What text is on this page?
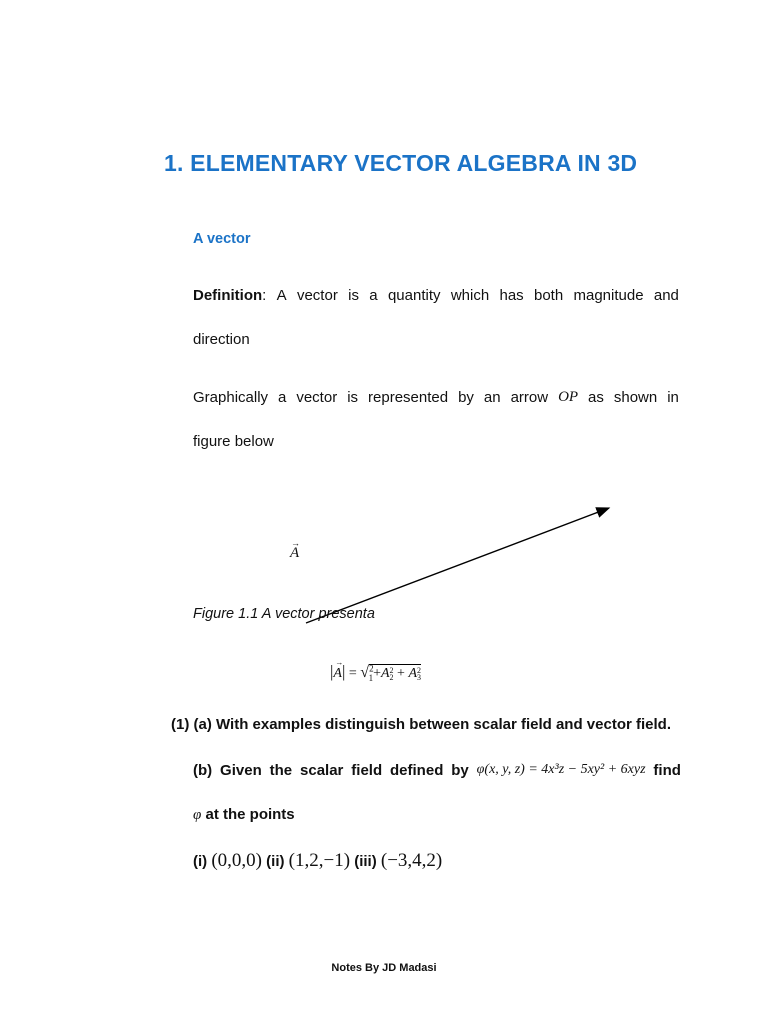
1. ELEMENTARY VECTOR ALGEBRA IN 3D
A vector
Definition: A vector is a quantity which has both magnitude and
direction
Graphically a vector is represented by an arrow OP as shown in
figure below
→
A
Figure 1.1 A vector presenta
| →
A| = √$^2_1$+A 2
2 + A 2
3
(1) (a) With examples distinguish between scalar field and vector field.
(b) Given the scalar field defined by φ(x, y, z) = 4x³z − 5xy² + 6xyz find
φ at the points
(i) (0,0,0) (ii) (1,2,−1) (iii) (−3,4,2)
Notes By JD Madasi
